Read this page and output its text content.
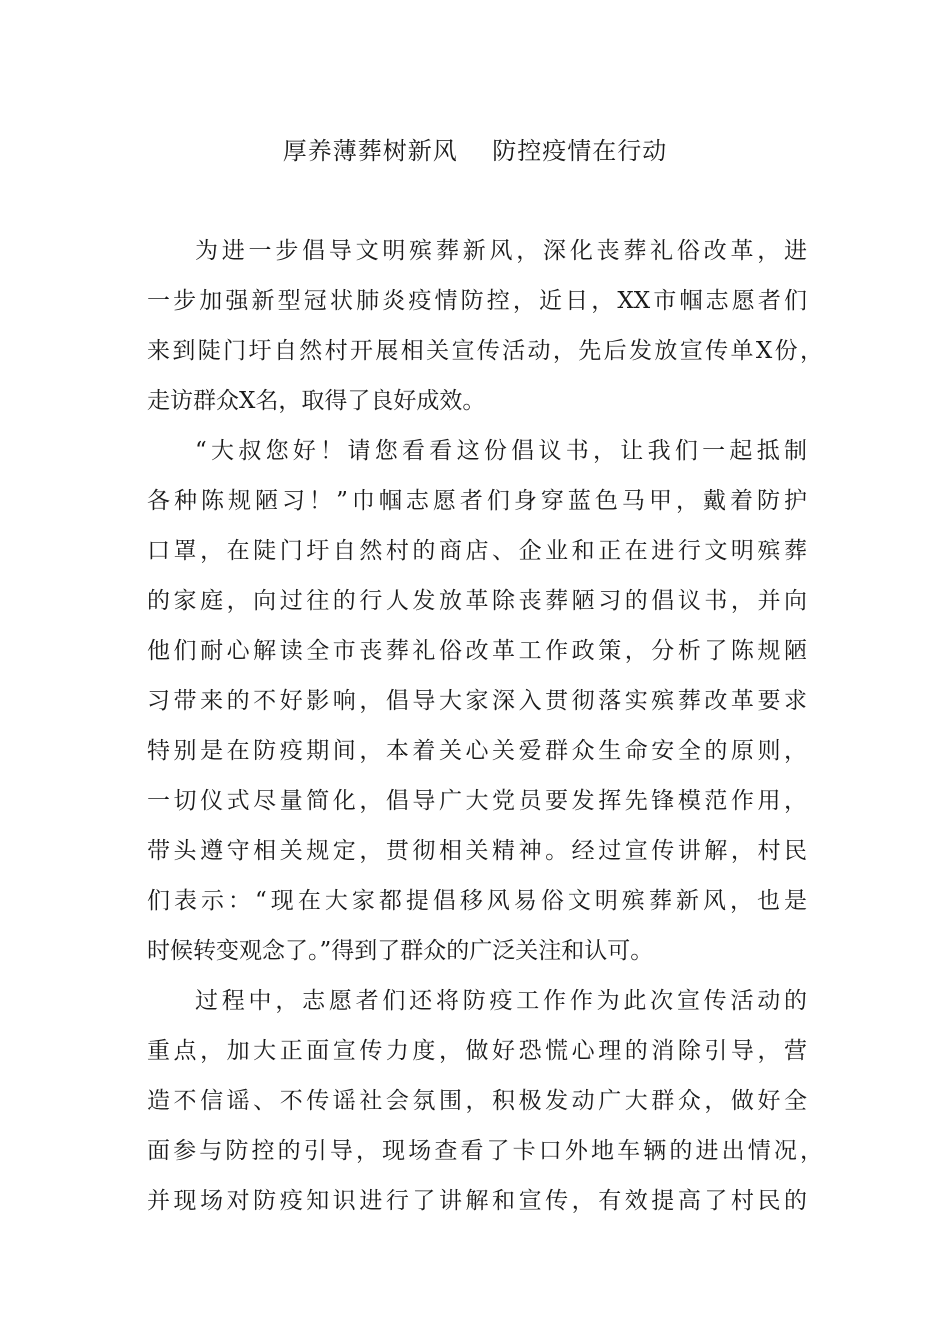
厚养薄葬树新风    防控疫情在行动
为进一步倡导文明殡葬新风，深化丧葬礼俗改革，进
一步加强新型冠状肺炎疫情防控，近日，XX市帼志愿者们
来到陡门圩自然村开展相关宣传活动，先后发放宣传单X份，
走访群众X名，取得了良好成效。
“大叔您好！请您看看这份倡议书，让我们一起抵制
各种陈规陋习！”巾帼志愿者们身穿蓝色马甲，戴着防护
口罩，在陡门圩自然村的商店、企业和正在进行文明殡葬
的家庭，向过往的行人发放革除丧葬陋习的倡议书，并向
他们耐心解读全市丧葬礼俗改革工作政策，分析了陈规陋
习带来的不好影响，倡导大家深入贯彻落实殡葬改革要求
特别是在防疫期间，本着关心关爱群众生命安全的原则，
一切仪式尽量简化，倡导广大党员要发挥先锋模范作用，
带头遵守相关规定，贯彻相关精神。经过宣传讲解，村民
们表示：“现在大家都提倡移风易俗文明殡葬新风，也是
时候转变观念了。”得到了群众的广泛关注和认可。
过程中，志愿者们还将防疫工作作为此次宣传活动的
重点，加大正面宣传力度，做好恐慌心理的消除引导，营
造不信谣、不传谣社会氛围，积极发动广大群众，做好全
面参与防控的引导，现场查看了卡口外地车辆的进出情况，
并现场对防疫知识进行了讲解和宣传，有效提高了村民的
